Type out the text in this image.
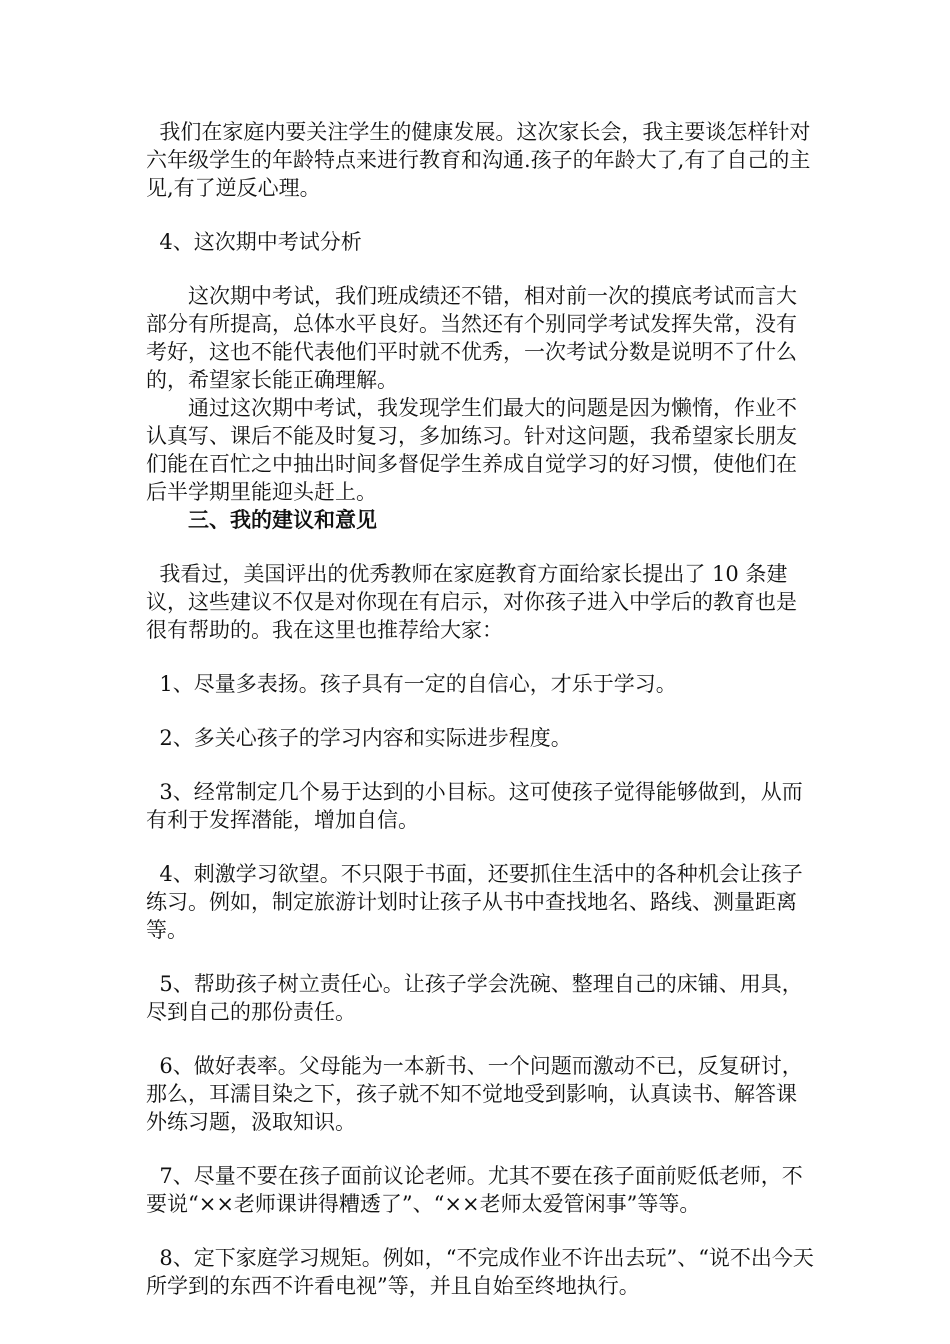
我们在家庭内要关注学生的健康发展。这次家长会，我主要谈怎样针对六年级学生的年龄特点来进行教育和沟通.孩子的年龄大了,有了自己的主见,有了逆反心理。

4、这次期中考试分析

这次期中考试，我们班成绩还不错，相对前一次的摸底考试而言大部分有所提高，总体水平良好。当然还有个别同学考试发挥失常，没有考好，这也不能代表他们平时就不优秀，一次考试分数是说明不了什么的，希望家长能正确理解。

通过这次期中考试，我发现学生们最大的问题是因为懒惰，作业不认真写、课后不能及时复习，多加练习。针对这问题，我希望家长朋友们能在百忙之中抽出时间多督促学生养成自觉学习的好习惯，使他们在后半学期里能迎头赶上。

三、我的建议和意见

我看过，美国评出的优秀教师在家庭教育方面给家长提出了 10 条建议，这些建议不仅是对你现在有启示，对你孩子进入中学后的教育也是很有帮助的。我在这里也推荐给大家：

1、尽量多表扬。孩子具有一定的自信心，才乐于学习。

2、多关心孩子的学习内容和实际进步程度。

3、经常制定几个易于达到的小目标。这可使孩子觉得能够做到，从而有利于发挥潜能，增加自信。

4、刺激学习欲望。不只限于书面，还要抓住生活中的各种机会让孩子练习。例如，制定旅游计划时让孩子从书中查找地名、路线、测量距离等。

5、帮助孩子树立责任心。让孩子学会洗碗、整理自己的床铺、用具，尽到自己的那份责任。

6、做好表率。父母能为一本新书、一个问题而激动不已，反复研讨，那么，耳濡目染之下，孩子就不知不觉地受到影响，认真读书、解答课外练习题，汲取知识。

7、尽量不要在孩子面前议论老师。尤其不要在孩子面前贬低老师，不要说“××老师课讲得糟透了”、“××老师太爱管闲事”等等。

8、定下家庭学习规矩。例如，“不完成作业不许出去玩”、“说不出今天所学到的东西不许看电视”等，并且自始至终地执行。
